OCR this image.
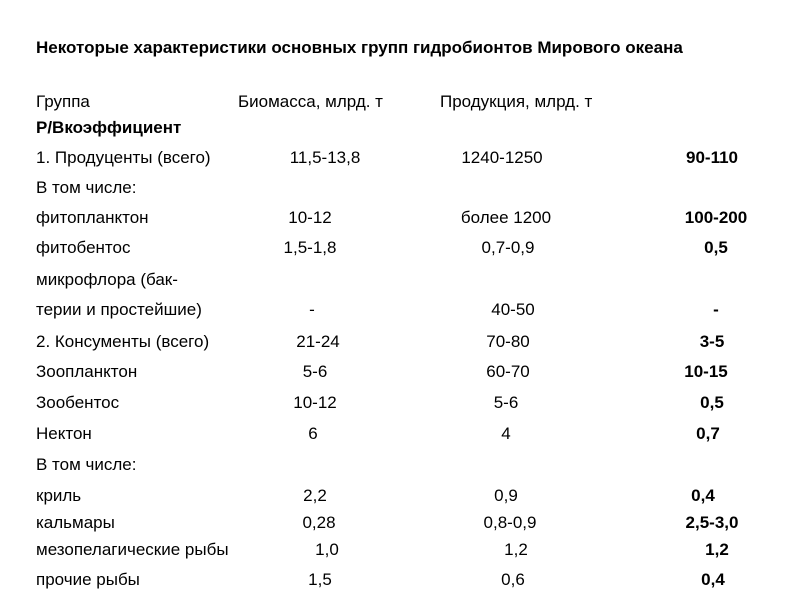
Некоторые характеристики основных групп гидробионтов Мирового океана
Группа	Биомасса, млрд. т	Продукция, млрд. т
Р/Вкоэффициент
1. Продуценты (всего)	11,5-13,8	1240-1250	90-110
В том числе:
фитопланктон	10-12	более 1200	100-200
фитобентос	1,5-1,8	0,7-0,9	0,5
микрофлора (бак-
терии и простейшие)	-	40-50	-
2. Консументы (всего)	21-24	70-80	3-5
Зоопланктон	5-6	60-70	10-15
Зообентос	10-12	5-6	0,5
Нектон	6	4	0,7
В том числе:
криль	2,2	0,9	0,4
кальмары	0,28	0,8-0,9	2,5-3,0
мезопелагические рыбы	1,0	1,2	1,2
прочие рыбы	1,5	0,6	0,4
